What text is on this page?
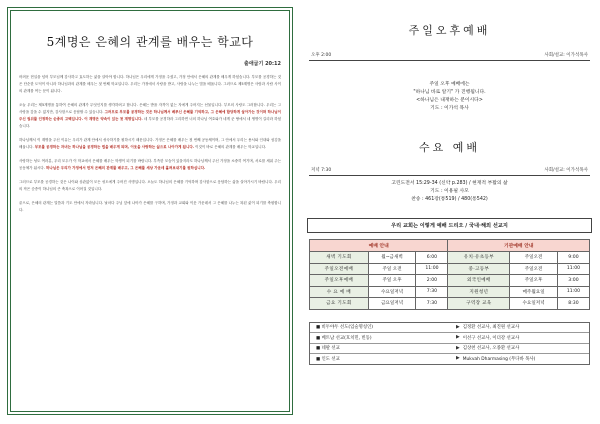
5계명은 은혜의 관계를 배우는 학교다
출애굽기 20:12
어려운 현실을 넘어 부모님께 감사하고 효도하는 삶을 살아야 합니다. 하나님은 우리에게 가정을 주셨고, 가정 안에서 은혜의 관계를 배우게 하셨습니다. 부모를 공경하는 것은 단순한 도덕이 아니라 하나님과의 관계를 배우는 첫 번째 학교입니다. 우리는 가정에서 사랑을 받고, 사랑을 나누는 법을 배웁니다. 그러므로 제5계명은 사람과 사람 사이의 관계를 여는 문이 됩니다.
오늘 우리는 제5계명을 통하여 은혜의 관계가 무엇인지를 생각하려고 합니다. 은혜는 받을 자격이 없는 자에게 주어지는 선물입니다. 부모의 사랑도 그러합니다. 우리는 그 사랑을 갚을 수 없지만, 감사함으로 응답할 수 있습니다. 그러므로 부모를 공경하는 것은 하나님께서 베푸신 은혜를 기억하고, 그 은혜에 합당하게 살아가는 것이며 하나님이 주신 권위를 인정하는 순종의 고백입니다. 이 계명은 약속이 있는 첫 계명입니다. 네 부모를 공경하라 그리하면 너의 하나님 여호와가 네게 준 땅에서 네 생명이 길리라 하셨습니다.
하나님께서 이 계명을 주신 이유는 우리가 관계 안에서 성숙하기를 원하시기 때문입니다. 가정은 은혜를 배우는 첫 번째 공동체이며, 그 안에서 우리는 용서와 인내와 섬김을 배웁니다. 부모를 공경하는 자녀는 하나님을 공경하는 법을 배우게 되며, 이웃을 사랑하는 삶으로 나아가게 됩니다. 이것이 바로 은혜의 관계를 배우는 학교입니다.
사랑하는 성도 여러분, 우리 모두가 이 학교에서 은혜를 배우는 학생이 되기를 바랍니다. 부족한 모습이 있을지라도 하나님께서 주신 가정을 소중히 여기며, 서로를 세워 주는 공동체가 됩시다. 하나님은 우리가 가정에서 먼저 은혜의 관계를 배우고, 그 은혜를 세상 가운데 흘려보내기를 원하십니다.
그러므로 부모를 공경하는 것은 나이와 상관없이 모든 성도에게 주어진 사명입니다. 오늘도 하나님의 은혜를 기억하며 감사함으로 응답하는 삶을 살아가시기 바랍니다. 우리의 작은 순종이 하나님의 큰 축복으로 이어질 것입니다.
끝으로, 은혜의 관계는 말씀과 기도 안에서 자라납니다. 날마다 주님 앞에 나아가 은혜를 구하며, 가정과 교회와 이웃 가운데서 그 은혜를 나누는 복된 삶이 되기를 축원합니다.
주일오후예배
오후 2:00	사회/설교: 이가석목사
주일 오후 예배에는
"하나님 바로 알기" 가 진행됩니다.
<하나님은 내재하는 분이시다>
기도 : 이가석 목사
수요 예배
저녁 7:30	사회/설교: 이가석목사
고린도전서 15:29-34 (신약 p.283) / 현재적 부활의 삶
기도 : 이용필 사모
찬송 : 461장(통519) / 480(통542)
우리 교회는 이렇게 예배 드리오 / 국내·해외 선교지
예배 안내			기관예배 안내		
새벽 기도회	월~금새벽	6:00	유치·유초등부	주일오전	9:00
주일오전예배	주일 오전	11:00	중·고등부	주일오전	11:00
주일오후예배	주일 오후	2:00	외국인예배	주일오후	3:00
수 요 예 배	수요일저녁	7:30	지원청년	매주월요일	11:00
금요 기도회	금요일저녁	7:30	구역장 교육	수요일저녁	8:30
■ 비두야두 선도(입술명칭인)	▶ 김정환 선교사, 최진원 선교사
■ 베트남 선교(호치민, 빈동)	▶ 이선구 선교사, 이더강 선교사
■ 네팔 선교	▶ 김상천 선교사, 오종환 선교사
■ 인도 선교	▶ Mukvah Dharmasing (무다바 목사)
